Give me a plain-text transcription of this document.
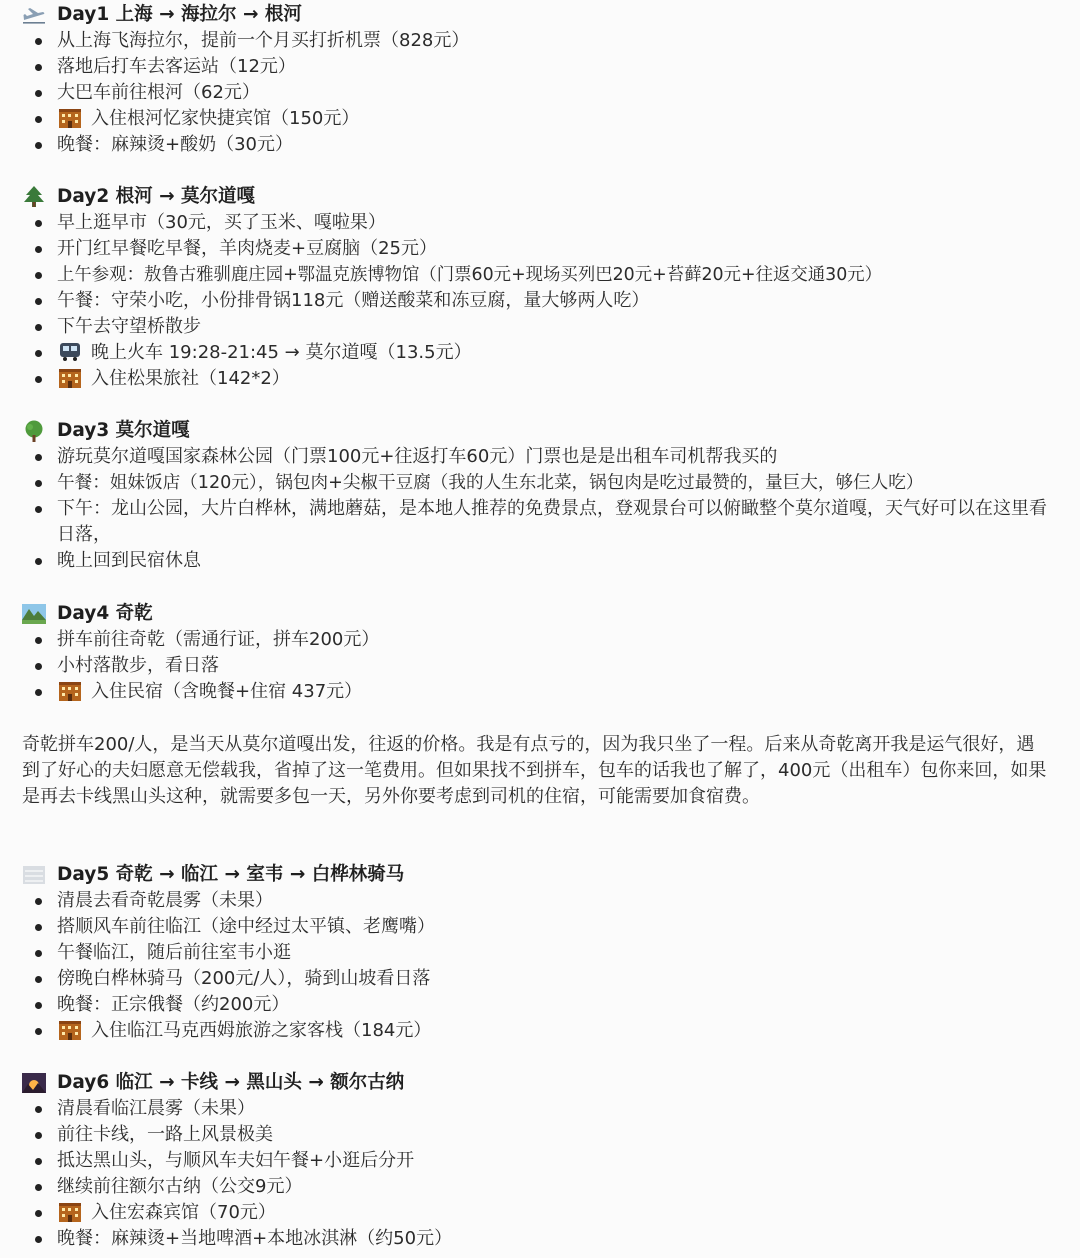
Day1 上海 → 海拉尔 → 根河
从上海飞海拉尔，提前一个月买打折机票（828元）
落地后打车去客运站（12元）
大巴车前往根河（62元）
入住根河忆家快捷宾馆（150元）
晚餐：麻辣烫+酸奶（30元）
Day2 根河 → 莫尔道嘎
早上逛早市（30元，买了玉米、嘎啦果）
开门红早餐吃早餐，羊肉烧麦+豆腐脑（25元）
上午参观：敖鲁古雅驯鹿庄园+鄂温克族博物馆（门票60元+现场买列巴20元+苔藓20元+往返交通30元）
午餐：守荣小吃，小份排骨锅118元（赠送酸菜和冻豆腐，量大够两人吃）
下午去守望桥散步
晚上火车 19:28-21:45 → 莫尔道嘎（13.5元）
入住松果旅社（142*2）
Day3 莫尔道嘎
游玩莫尔道嘎国家森林公园（门票100元+往返打车60元）门票也是是出租车司机帮我买的
午餐：姐妹饭店（120元），锅包肉+尖椒干豆腐（我的人生东北菜，锅包肉是吃过最赞的，量巨大，够仨人吃）
下午：龙山公园，大片白桦林，满地蘑菇，是本地人推荐的免费景点，登观景台可以俯瞰整个莫尔道嘎，天气好可以在这里看日落，
晚上回到民宿休息
Day4 奇乾
拼车前往奇乾（需通行证，拼车200元）
小村落散步，看日落
入住民宿（含晚餐+住宿 437元）

奇乾拼车200/人，是当天从莫尔道嘎出发，往返的价格。我是有点亏的，因为我只坐了一程。后来从奇乾离开我是运气很好，遇到了好心的夫妇愿意无偿载我，省掉了这一笔费用。但如果找不到拼车，包车的话我也了解了，400元（出租车）包你来回，如果是再去卡线黑山头这种，就需要多包一天，另外你要考虑到司机的住宿，可能需要加食宿费。

Day5 奇乾 → 临江 → 室韦 → 白桦林骑马
清晨去看奇乾晨雾（未果）
搭顺风车前往临江（途中经过太平镇、老鹰嘴）
午餐临江，随后前往室韦小逛
傍晚白桦林骑马（200元/人），骑到山坡看日落
晚餐：正宗俄餐（约200元）
入住临江马克西姆旅游之家客栈（184元）
Day6 临江 → 卡线 → 黑山头 → 额尔古纳
清晨看临江晨雾（未果）
前往卡线，一路上风景极美
抵达黑山头，与顺风车夫妇午餐+小逛后分开
继续前往额尔古纳（公交9元）
入住宏森宾馆（70元）
晚餐：麻辣烫+当地啤酒+本地冰淇淋（约50元）
